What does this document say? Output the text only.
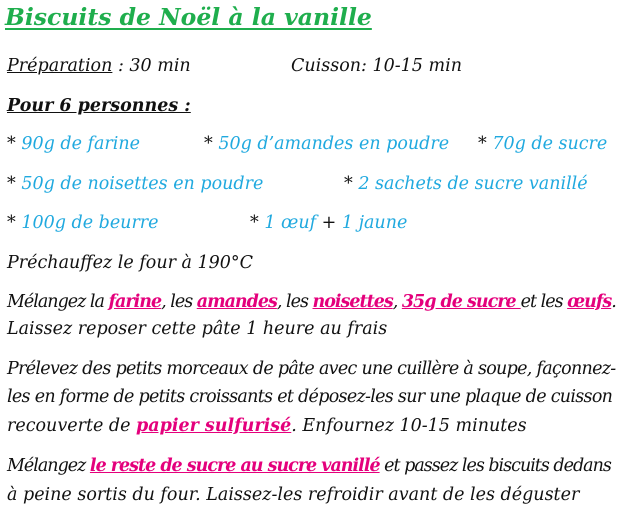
Biscuits de Noël à la vanille
Préparation : 30 min	Cuisson: 10-15 min
Pour 6 personnes :
* 90g de farine	* 50g d’amandes en poudre * 70g de sucre
* 50g de noisettes en poudre	* 2 sachets de sucre vanillé
* 100g de beurre	* 1 œuf + 1 jaune
Préchauffez le four à 190°C
Mélangez la farine, les amandes, les noisettes, 35g de sucre et les œufs.
Laissez reposer cette pâte 1 heure au frais
Prélevez des petits morceaux de pâte avec une cuillère à soupe, façonnez-
les en forme de petits croissants et déposez-les sur une plaque de cuisson
recouverte de papier sulfurisé. Enfournez 10-15 minutes
Mélangez le reste de sucre au sucre vanillé et passez les biscuits dedans
à peine sortis du four. Laissez-les refroidir avant de les déguster
